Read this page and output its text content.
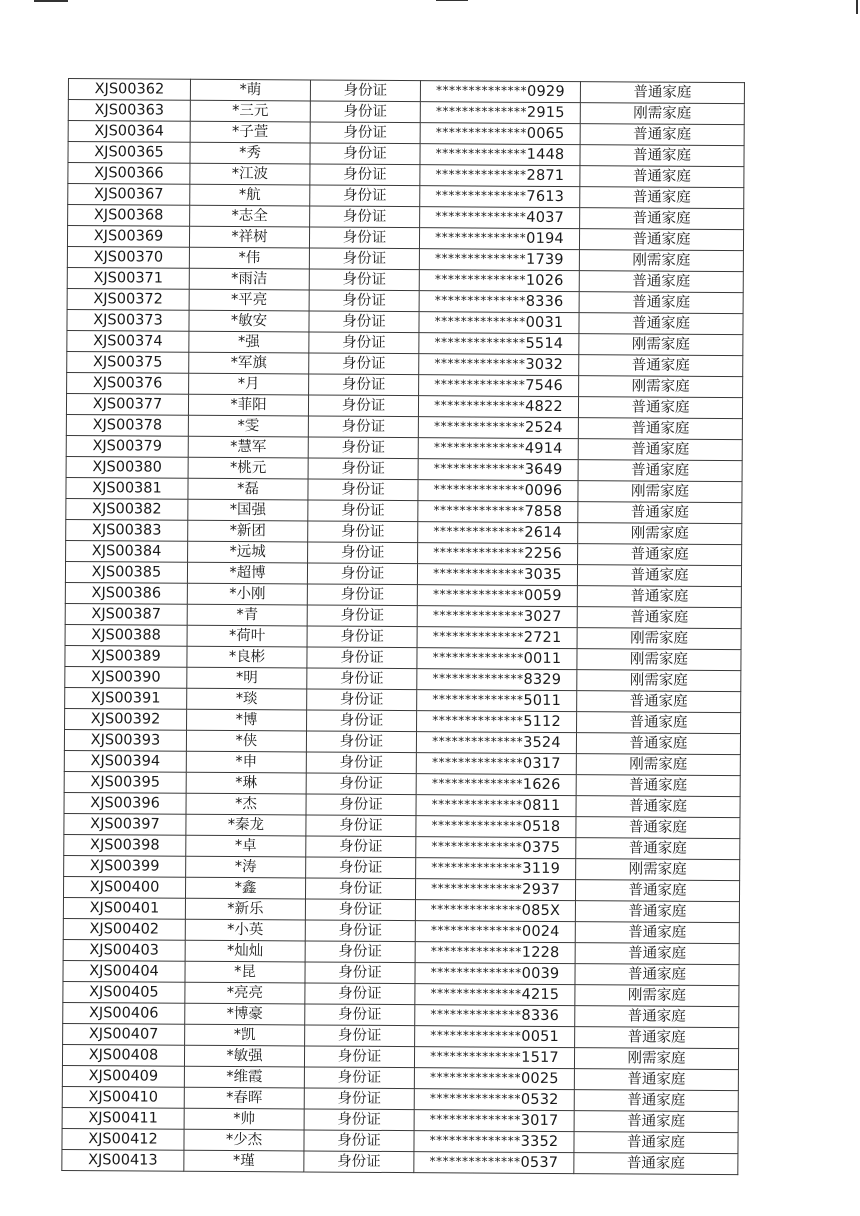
XJS00362	*萌	身份证	**************0929	普通家庭
XJS00363	*三元	身份证	**************2915	刚需家庭
XJS00364	*子萱	身份证	**************0065	普通家庭
XJS00365	*秀	身份证	**************1448	普通家庭
XJS00366	*江波	身份证	**************2871	普通家庭
XJS00367	*航	身份证	**************7613	普通家庭
XJS00368	*志全	身份证	**************4037	普通家庭
XJS00369	*祥树	身份证	**************0194	普通家庭
XJS00370	*伟	身份证	**************1739	刚需家庭
XJS00371	*雨洁	身份证	**************1026	普通家庭
XJS00372	*平亮	身份证	**************8336	普通家庭
XJS00373	*敏安	身份证	**************0031	普通家庭
XJS00374	*强	身份证	**************5514	刚需家庭
XJS00375	*军旗	身份证	**************3032	普通家庭
XJS00376	*月	身份证	**************7546	刚需家庭
XJS00377	*菲阳	身份证	**************4822	普通家庭
XJS00378	*雯	身份证	**************2524	普通家庭
XJS00379	*慧军	身份证	**************4914	普通家庭
XJS00380	*桃元	身份证	**************3649	普通家庭
XJS00381	*磊	身份证	**************0096	刚需家庭
XJS00382	*国强	身份证	**************7858	普通家庭
XJS00383	*新团	身份证	**************2614	刚需家庭
XJS00384	*远城	身份证	**************2256	普通家庭
XJS00385	*超博	身份证	**************3035	普通家庭
XJS00386	*小刚	身份证	**************0059	普通家庭
XJS00387	*青	身份证	**************3027	普通家庭
XJS00388	*荷叶	身份证	**************2721	刚需家庭
XJS00389	*良彬	身份证	**************0011	刚需家庭
XJS00390	*明	身份证	**************8329	刚需家庭
XJS00391	*琰	身份证	**************5011	普通家庭
XJS00392	*博	身份证	**************5112	普通家庭
XJS00393	*侠	身份证	**************3524	普通家庭
XJS00394	*申	身份证	**************0317	刚需家庭
XJS00395	*琳	身份证	**************1626	普通家庭
XJS00396	*杰	身份证	**************0811	普通家庭
XJS00397	*秦龙	身份证	**************0518	普通家庭
XJS00398	*卓	身份证	**************0375	普通家庭
XJS00399	*涛	身份证	**************3119	刚需家庭
XJS00400	*鑫	身份证	**************2937	普通家庭
XJS00401	*新乐	身份证	**************085X	普通家庭
XJS00402	*小英	身份证	**************0024	普通家庭
XJS00403	*灿灿	身份证	**************1228	普通家庭
XJS00404	*昆	身份证	**************0039	普通家庭
XJS00405	*亮亮	身份证	**************4215	刚需家庭
XJS00406	*博豪	身份证	**************8336	普通家庭
XJS00407	*凯	身份证	**************0051	普通家庭
XJS00408	*敏强	身份证	**************1517	刚需家庭
XJS00409	*维霞	身份证	**************0025	普通家庭
XJS00410	*春晖	身份证	**************0532	普通家庭
XJS00411	*帅	身份证	**************3017	普通家庭
XJS00412	*少杰	身份证	**************3352	普通家庭
XJS00413	*瑾	身份证	**************0537	普通家庭
